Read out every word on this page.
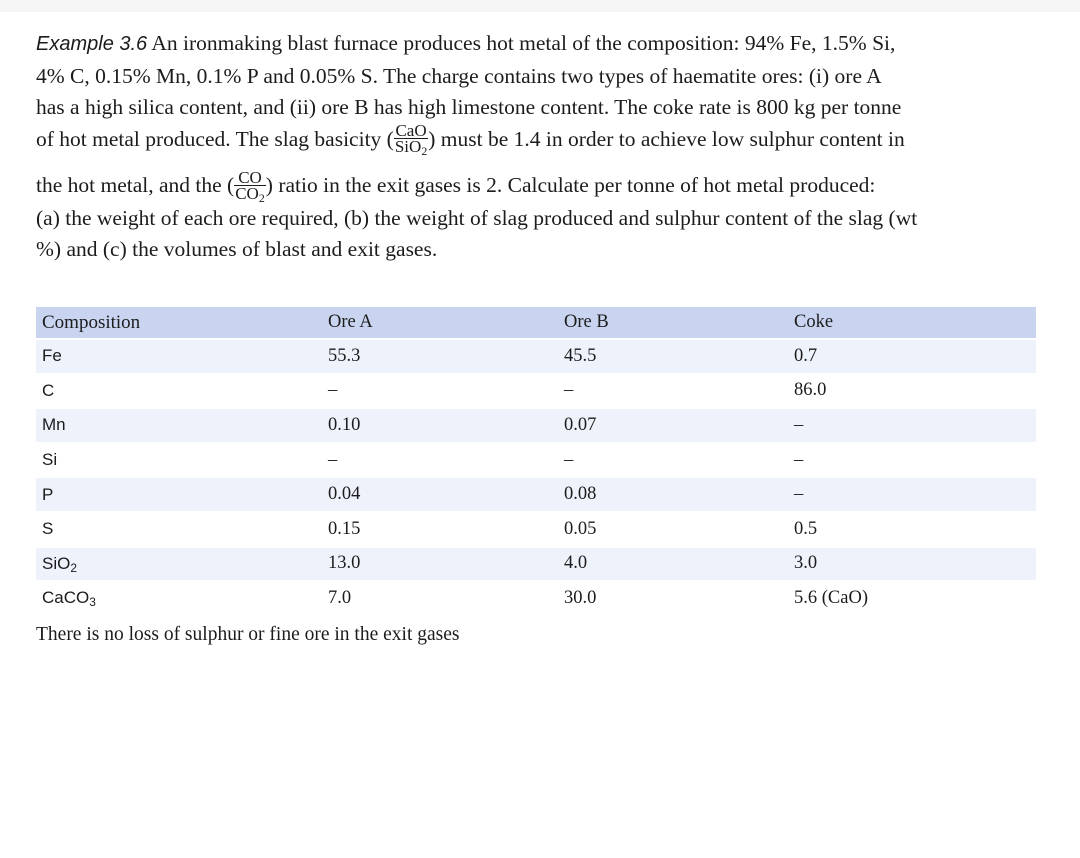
Example 3.6 An ironmaking blast furnace produces hot metal of the composition: 94% Fe, 1.5% Si,
4% C, 0.15% Mn, 0.1% P and 0.05% S. The charge contains two types of haematite ores: (i) ore A
has a high silica content, and (ii) ore B has high limestone content. The coke rate is 800 kg per tonne
of hot metal produced. The slag basicity ( $\frac{\text{CaO}}{SiO_2}$ ) must be 1.4 in order to achieve low sulphur content in
the hot metal, and the ( $\frac{CO}{CO_2}$ ) ratio in the exit gases is 2. Calculate per tonne of hot metal produced:
(a) the weight of each ore required, (b) the weight of slag produced and sulphur content of the slag (wt
%) and (c) the volumes of blast and exit gases.
Composition	Ore A	Ore B	Coke
Fe	55.3	45.5	0.7
C	–	–	86.0
Mn	0.10	0.07	–
Si	–	–	–
P	0.04	0.08	–
S	0.15	0.05	0.5
SiO$_2$	13.0	4.0	3.0
CaCO$_3$	7.0	30.0	5.6 (CaO)
There is no loss of sulphur or fine ore in the exit gases
